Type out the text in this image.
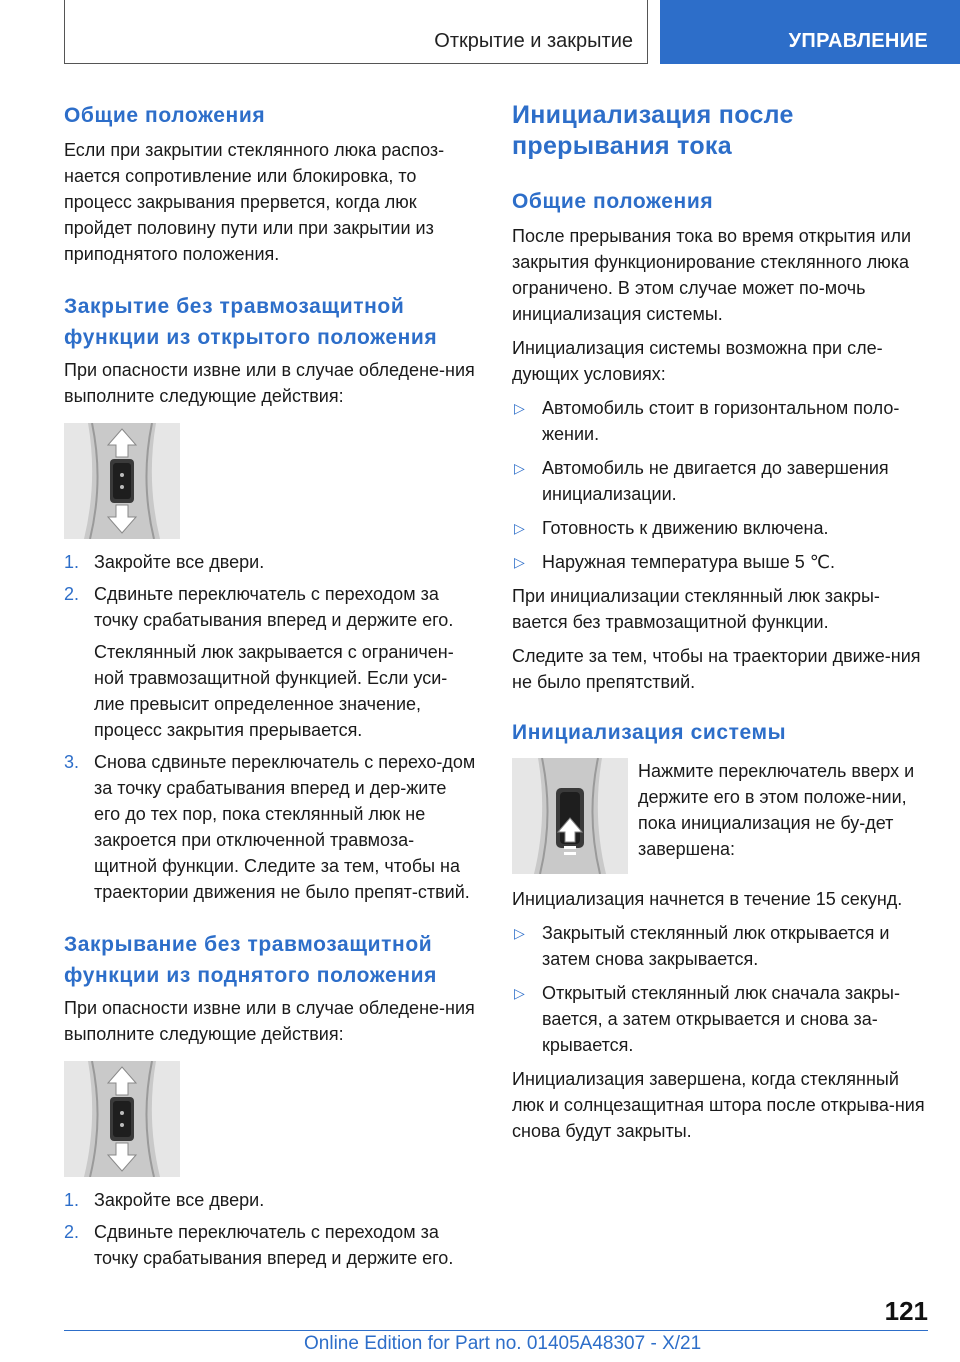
Открытие и закрытие	УПРАВЛЕНИЕ
Общие положения

Если при закрытии стеклянного люка распоз-нается сопротивление или блокировка, то процесс закрывания прервется, когда люк пройдет половину пути или при закрытии из приподнятого положения.

Закрытие без травмозащитной функции из открытого положения

При опасности извне или в случае обледене-ния выполните следующие действия:

1. Закройте все двери.
2. Сдвиньте переключатель с переходом за точку срабатывания вперед и держите его.
Стеклянный люк закрывается с ограничен-ной травмозащитной функцией. Если уси-лие превысит определенное значение, процесс закрытия прерывается.
3. Снова сдвиньте переключатель с перехо-дом за точку срабатывания вперед и дер-жите его до тех пор, пока стеклянный люк не закроется при отключенной травмоза-щитной функции. Следите за тем, чтобы на траектории движения не было препят-ствий.
Закрывание без травмозащитной функции из поднятого положения

При опасности извне или в случае обледене-ния выполните следующие действия:

1. Закройте все двери.
2. Сдвиньте переключатель с переходом за точку срабатывания вперед и держите его.
Инициализация после прерывания тока
Общие положения

После прерывания тока во время открытия или закрытия функционирование стеклянного люка ограничено. В этом случае может по-мочь инициализация системы.

Инициализация системы возможна при сле-дующих условиях:

▷ Автомобиль стоит в горизонтальном поло-жении.
▷ Автомобиль не двигается до завершения инициализации.
▷ Готовность к движению включена.
▷ Наружная температура выше 5 ℃.

При инициализации стеклянный люк закры-вается без травмозащитной функции.

Следите за тем, чтобы на траектории движе-ния не было препятствий.

Инициализация системы

Нажмите переключатель вверх и держите его в этом положе-нии, пока инициализация не бу-дет завершена:

Инициализация начнется в течение 15 секунд.

▷ Закрытый стеклянный люк открывается и затем снова закрывается.
▷ Открытый стеклянный люк сначала закры-вается, а затем открывается и снова за-крывается.

Инициализация завершена, когда стеклянный люк и солнцезащитная штора после открыва-ния снова будут закрыты.

121
Online Edition for Part no. 01405A48307 - X/21
